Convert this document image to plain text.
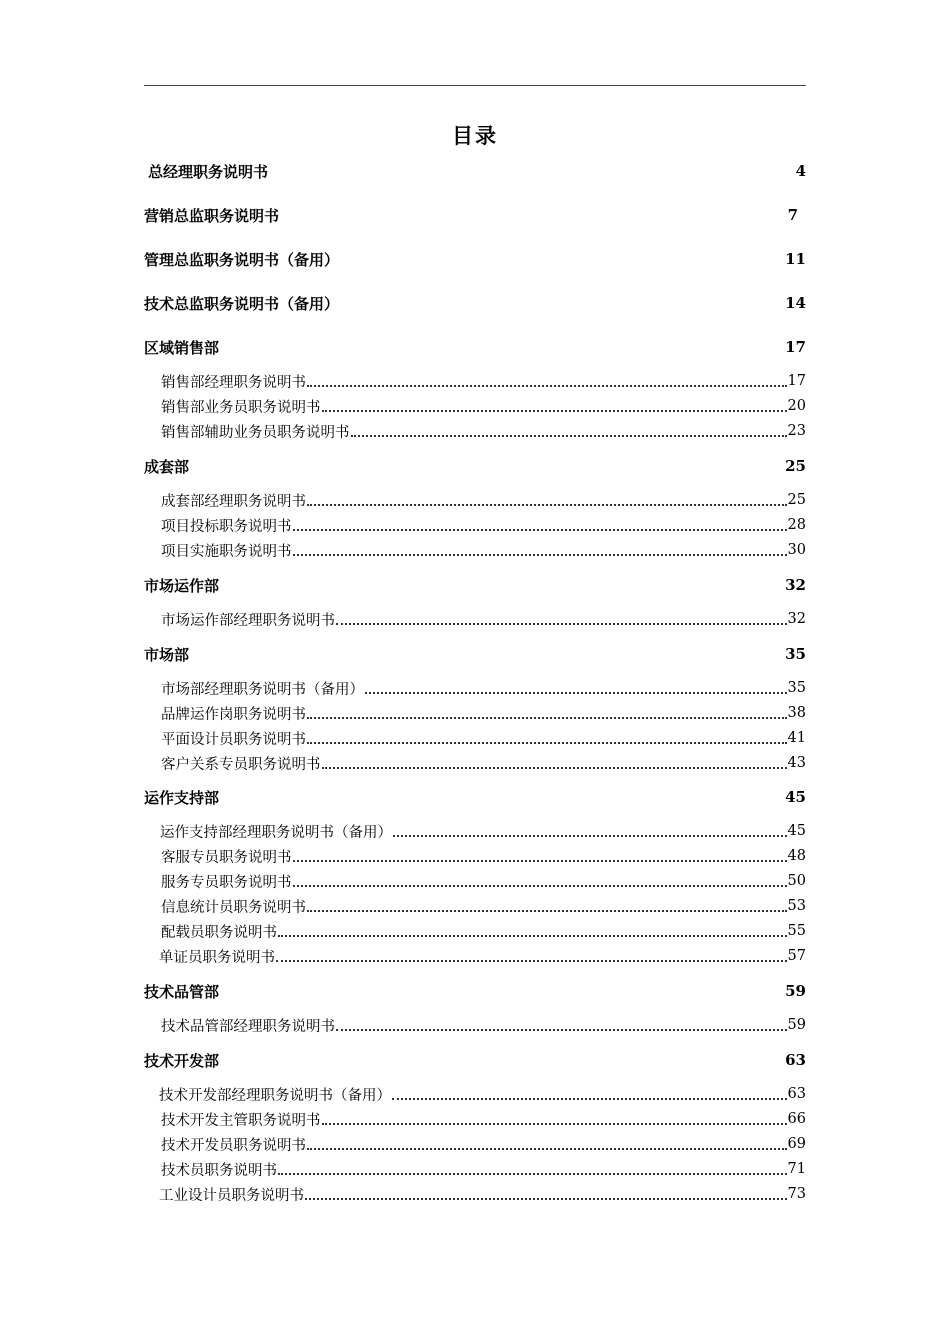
目录
总经理职务说明书	4
营销总监职务说明书	7
管理总监职务说明书（备用）	11
技术总监职务说明书（备用）	14
区域销售部	17
销售部经理职务说明书	17
销售部业务员职务说明书	20
销售部辅助业务员职务说明书	23
成套部	25
成套部经理职务说明书	25
项目投标职务说明书	28
项目实施职务说明书	30
市场运作部	32
市场运作部经理职务说明书	32
市场部	35
市场部经理职务说明书（备用）	35
品牌运作岗职务说明书	38
平面设计员职务说明书	41
客户关系专员职务说明书	43
运作支持部	45
运作支持部经理职务说明书（备用）	45
客服专员职务说明书	48
服务专员职务说明书	50
信息统计员职务说明书	53
配载员职务说明书	55
单证员职务说明书	57
技术品管部	59
技术品管部经理职务说明书	59
技术开发部	63
技术开发部经理职务说明书（备用）	63
技术开发主管职务说明书	66
技术开发员职务说明书	69
技术员职务说明书	71
工业设计员职务说明书	73
